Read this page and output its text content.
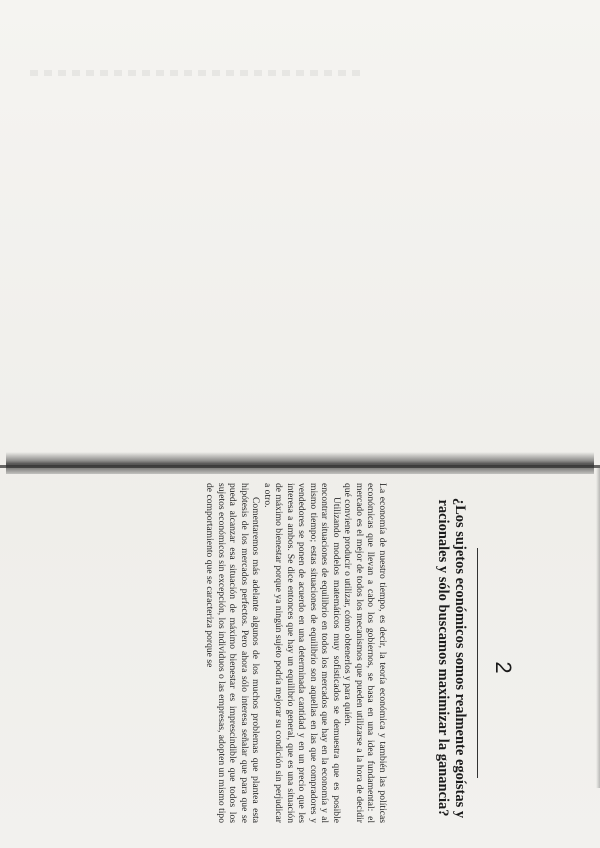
2
¿Los sujetos económicos somos realmente egoístas y racionales y sólo buscamos maximizar la ganancia?

La economía de nuestro tiempo, es decir, la teoría económica y también las políticas económicas que llevan a cabo los gobiernos, se basa en una idea fundamental: el mercado es el mejor de todos los mecanismos que pueden utilizarse a la hora de decidir qué conviene producir o utilizar, cómo obtenerlos y para quién.

Utilizando modelos matemáticos muy sofisticados se demuestra que es posible encontrar situaciones de equilibrio en todos los mercados que hay en la economía y al mismo tiempo; estas situaciones de equilibrio son aquellas en las que compradores y vendedores se ponen de acuerdo en una determinada cantidad y en un precio que les interesa a ambos. Se dice entonces que hay un equilibrio general, que es una situación de máximo bienestar porque ya ningún sujeto podría mejorar su condición sin perjudicar a otro.

Comentaremos más adelante algunos de los muchos problemas que plantea esta hipótesis de los mercados perfectos. Pero ahora sólo interesa señalar que para que se pueda alcanzar esa situación de máximo bienestar es imprescindible que todos los sujetos económicos sin excepción, los individuos o las empresas, adopten un mismo tipo de comportamiento que se caracteriza porque se
